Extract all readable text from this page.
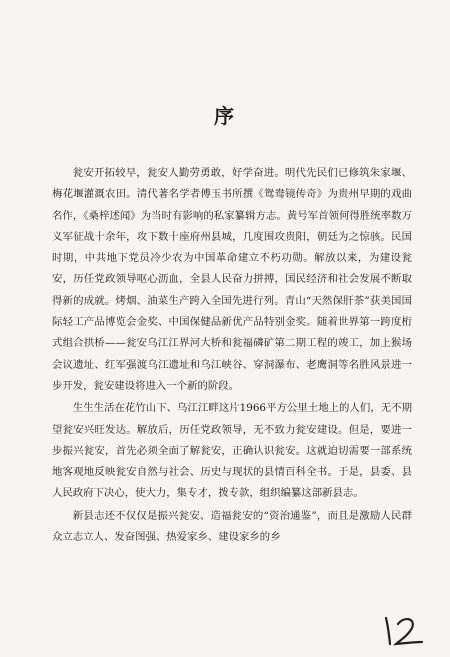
序

瓮安开拓较早，瓮安人勤劳勇敢，好学奋进。明代先民们已修筑朱家堰、梅花堰灌溉农田。清代著名学者傅玉书所撰《鸳鸯镜传奇》为贵州早期的戏曲名作，《桑梓述闻》为当时有影响的私家纂辑方志。黄号军首领何得胜统率数万义军征战十余年，攻下数十座府州县城，几度围攻贵阳，朝廷为之惊骇。民国时期，中共地下党员冷少农为中国革命建立不朽功勋。解放以来，为建设瓮安，历任党政领导呕心沥血，全县人民奋力拼搏，国民经济和社会发展不断取得新的成就。烤烟、油菜生产跨入全国先进行列。青山“天然保肝茶”获美国国际轻工产品博览会金奖、中国保健品新优产品特别金奖。随着世界第一跨度桁式组合拱桥——瓮安乌江江界河大桥和瓮福磷矿第二期工程的竣工，加上猴场会议遗址、红军强渡乌江遗址和乌江峡谷、穿洞瀑布、老鹰洞等名胜风景进一步开发，瓮安建设将进入一个新的阶段。

生生生活在花竹山下、乌江江畔这片1966平方公里土地上的人们，无不期望瓮安兴旺发达。解放后，历任党政领导，无不致力瓮安建设。但是，要进一步振兴瓮安，首先必须全面了解瓮安，正确认识瓮安。这就迫切需要一部系统地客观地反映瓮安自然与社会、历史与现状的县情百科全书。于是，县委、县人民政府下决心，使大力，集专才，拨专款，组织编纂这部新县志。

新县志还不仅仅是振兴瓮安、造福瓮安的“资治通鉴”，而且是激励人民群众立志立人、发奋图强、热爱家乡、建设家乡的乡
